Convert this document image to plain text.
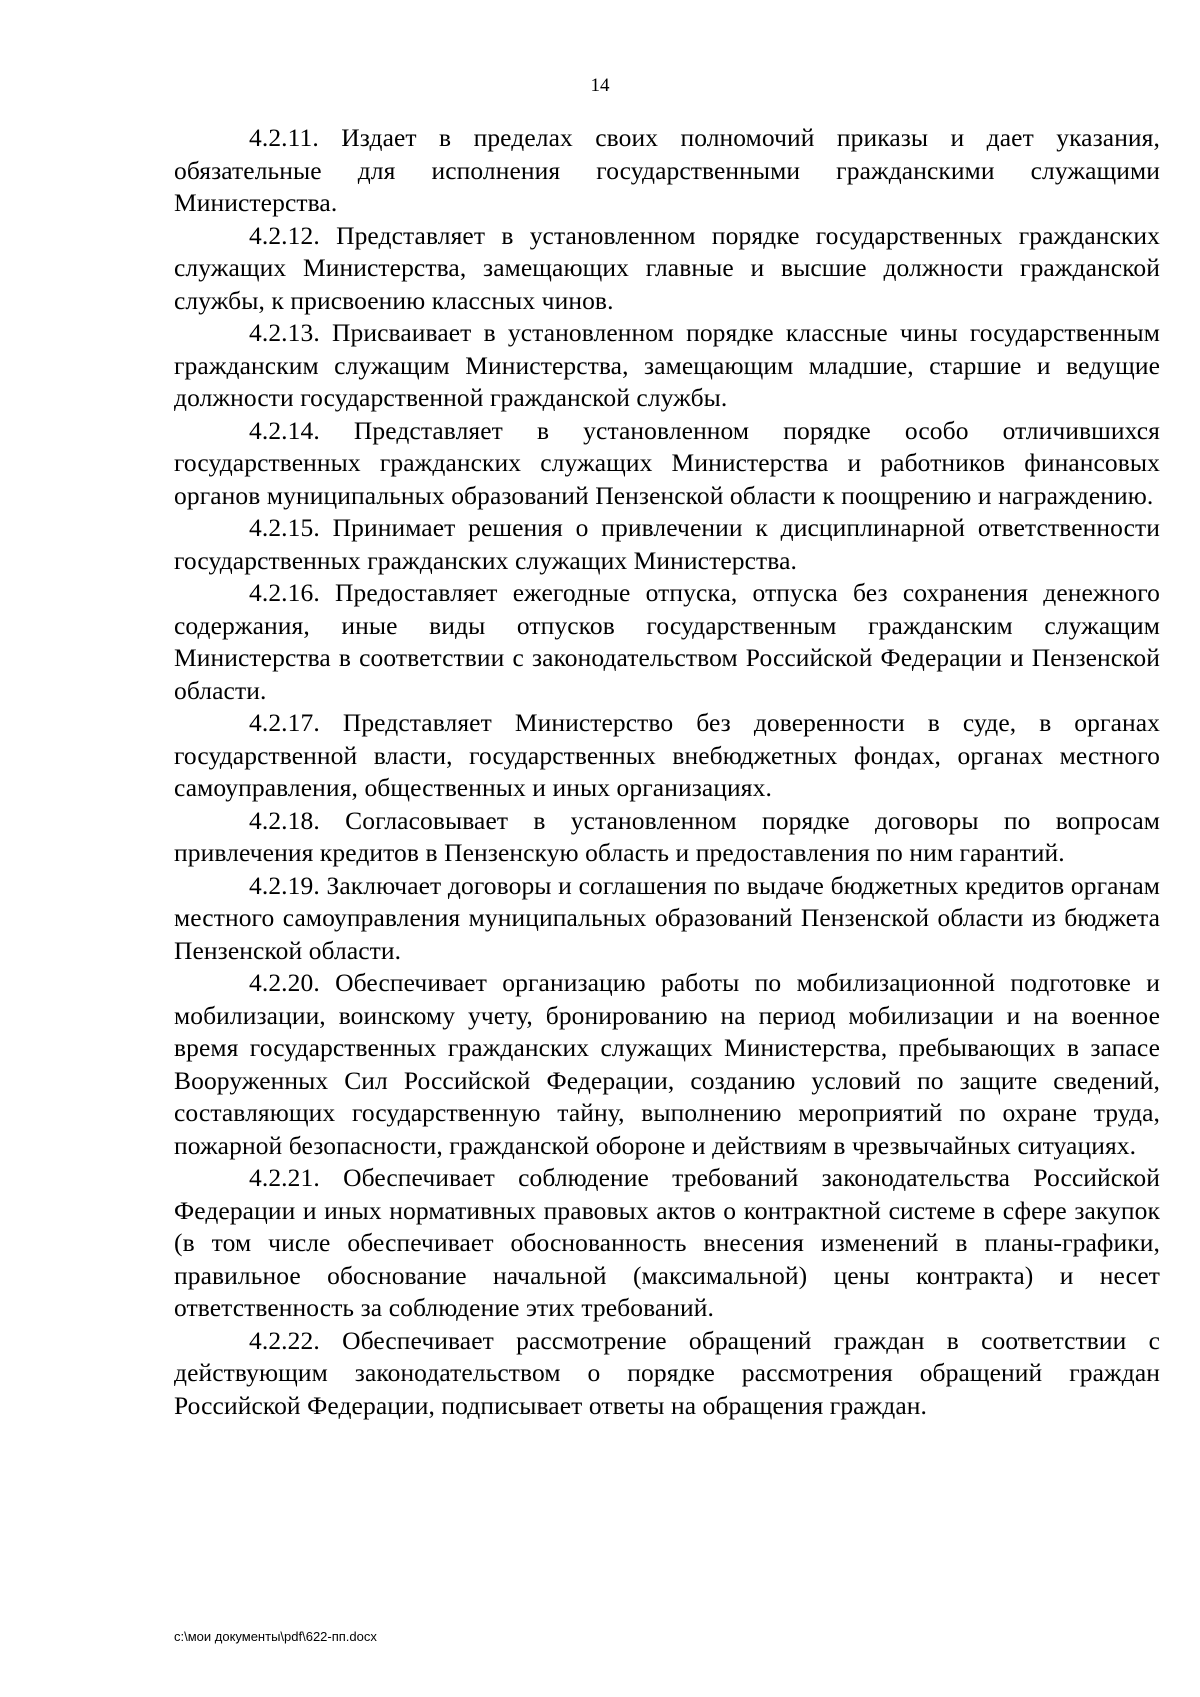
14

4.2.11. Издает в пределах своих полномочий приказы и дает указания, обязательные для исполнения государственными гражданскими служащими Министерства.

4.2.12. Представляет в установленном порядке государственных гражданских служащих Министерства, замещающих главные и высшие должности гражданской службы, к присвоению классных чинов.

4.2.13. Присваивает в установленном порядке классные чины государственным гражданским служащим Министерства, замещающим младшие, старшие и ведущие должности государственной гражданской службы.

4.2.14. Представляет в установленном порядке особо отличившихся государственных гражданских служащих Министерства и работников финансовых органов муниципальных образований Пензенской области к поощрению и награждению.

4.2.15. Принимает решения о привлечении к дисциплинарной ответственности государственных гражданских служащих Министерства.

4.2.16. Предоставляет ежегодные отпуска, отпуска без сохранения денежного содержания, иные виды отпусков государственным гражданским служащим Министерства в соответствии с законодательством Российской Федерации и Пензенской области.

4.2.17. Представляет Министерство без доверенности в суде, в органах государственной власти, государственных внебюджетных фондах, органах местного самоуправления, общественных и иных организациях.

4.2.18. Согласовывает в установленном порядке договоры по вопросам привлечения кредитов в Пензенскую область и предоставления по ним гарантий.

4.2.19. Заключает договоры и соглашения по выдаче бюджетных кредитов органам местного самоуправления муниципальных образований Пензенской области из бюджета Пензенской области.

4.2.20. Обеспечивает организацию работы по мобилизационной подготовке и мобилизации, воинскому учету, бронированию на период мобилизации и на военное время государственных гражданских служащих Министерства, пребывающих в запасе Вооруженных Сил Российской Федерации, созданию условий по защите сведений, составляющих государственную тайну, выполнению мероприятий по охране труда, пожарной безопасности, гражданской обороне и действиям в чрезвычайных ситуациях.

4.2.21. Обеспечивает соблюдение требований законодательства Российской Федерации и иных нормативных правовых актов о контрактной системе в сфере закупок (в том числе обеспечивает обоснованность внесения изменений в планы-графики, правильное обоснование начальной (максимальной) цены контракта) и несет ответственность за соблюдение этих требований.

4.2.22. Обеспечивает рассмотрение обращений граждан в соответствии с действующим законодательством о порядке рассмотрения обращений граждан Российской Федерации, подписывает ответы на обращения граждан.

c:\мои документы\pdf\622-пп.docx
